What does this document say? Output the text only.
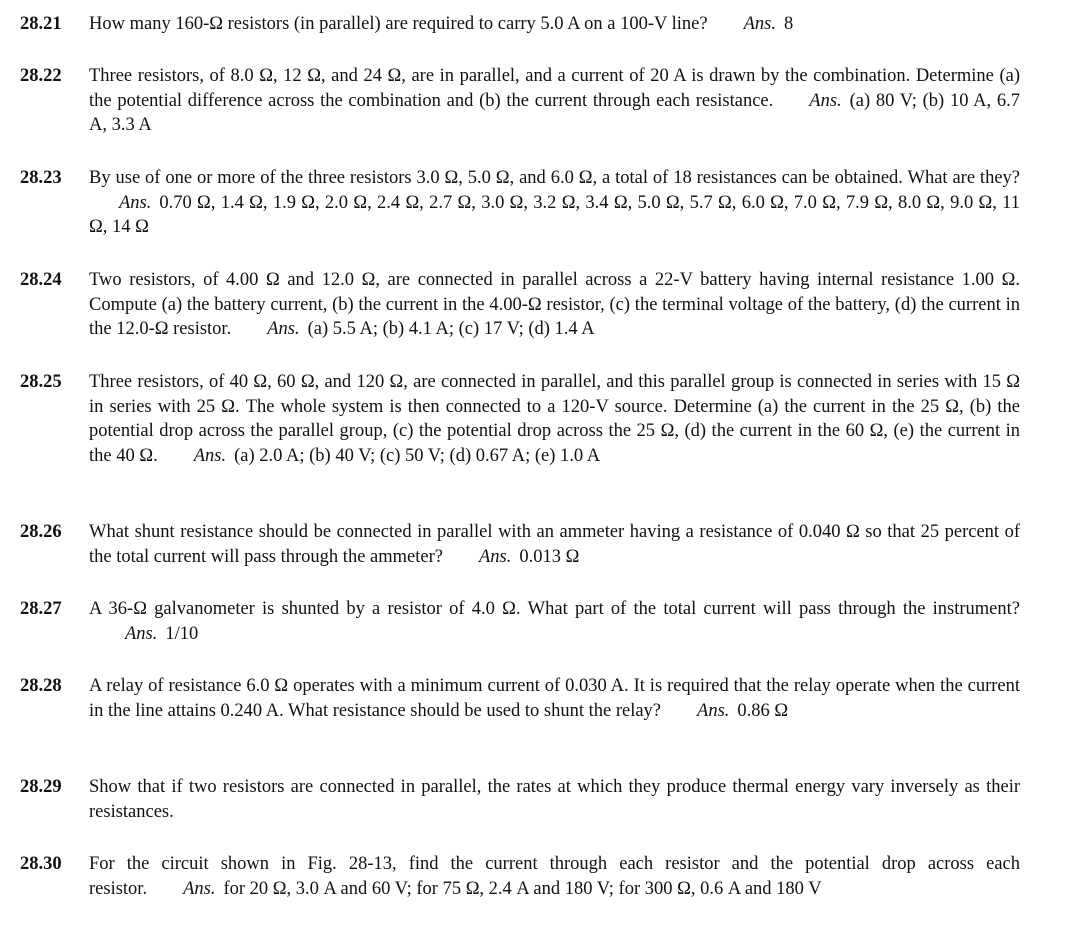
28.21 How many 160-Ω resistors (in parallel) are required to carry 5.0 A on a 100-V line? Ans. 8
28.22 Three resistors, of 8.0 Ω, 12 Ω, and 24 Ω, are in parallel, and a current of 20 A is drawn by the combination. Determine (a) the potential difference across the combination and (b) the current through each resistance. Ans. (a) 80 V; (b) 10 A, 6.7 A, 3.3 A
28.23 By use of one or more of the three resistors 3.0 Ω, 5.0 Ω, and 6.0 Ω, a total of 18 resistances can be obtained. What are they?Ans. 0.70 Ω, 1.4 Ω, 1.9 Ω, 2.0 Ω, 2.4 Ω, 2.7 Ω, 3.0 Ω, 3.2 Ω, 3.4 Ω, 5.0 Ω, 5.7 Ω, 6.0 Ω, 7.0 Ω, 7.9 Ω, 8.0 Ω, 9.0 Ω, 11 Ω, 14 Ω
28.24 Two resistors, of 4.00 Ω and 12.0 Ω, are connected in parallel across a 22-V battery having internal resistance 1.00 Ω. Compute (a) the battery current, (b) the current in the 4.00-Ω resistor, (c) the terminal voltage of the battery, (d) the current in the 12.0-Ω resistor. Ans. (a) 5.5 A; (b) 4.1 A; (c) 17 V; (d) 1.4 A
28.25 Three resistors, of 40 Ω, 60 Ω, and 120 Ω, are connected in parallel, and this parallel group is connected in series with 15 Ω in series with 25 Ω. The whole system is then connected to a 120-V source. Determine (a) the current in the 25 Ω, (b) the potential drop across the parallel group, (c) the potential drop across the 25 Ω, (d) the current in the 60 Ω, (e) the current in the 40 Ω. Ans. (a) 2.0 A; (b) 40 V; (c) 50 V; (d) 0.67 A; (e) 1.0 A
28.26 What shunt resistance should be connected in parallel with an ammeter having a resistance of 0.040 Ω so that 25 percent of the total current will pass through the ammeter? Ans. 0.013 Ω
28.27 A 36-Ω galvanometer is shunted by a resistor of 4.0 Ω. What part of the total current will pass through the instrument?Ans. 1/10
28.28 A relay of resistance 6.0 Ω operates with a minimum current of 0.030 A. It is required that the relay operate when the current in the line attains 0.240 A. What resistance should be used to shunt the relay? Ans. 0.86 Ω
28.29 Show that if two resistors are connected in parallel, the rates at which they produce thermal energy vary inversely as their resistances.
28.30 For the circuit shown in Fig. 28-13, find the current through each resistor and the potential drop across each resistor. Ans. for 20 Ω, 3.0 A and 60 V; for 75 Ω, 2.4 A and 180 V; for 300 Ω, 0.6 A and 180 V
